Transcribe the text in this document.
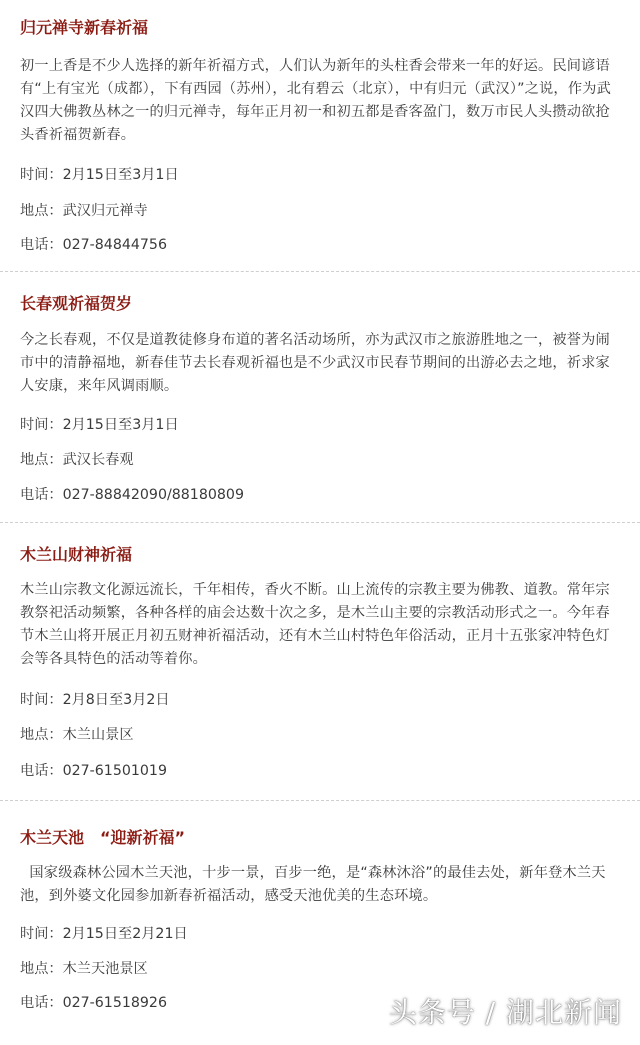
归元禅寺新春祈福
初一上香是不少人选择的新年祈福方式，人们认为新年的头柱香会带来一年的好运。民间谚语有“上有宝光（成都），下有西园（苏州），北有碧云（北京），中有归元（武汉）”之说，作为武汉四大佛教丛林之一的归元禅寺，每年正月初一和初五都是香客盈门，数万市民人头攒动欲抢头香祈福贺新春。
时间：2月15日至3月1日
地点：武汉归元禅寺
电话：027-84844756
长春观祈福贺岁
今之长春观，不仅是道教徒修身布道的著名活动场所，亦为武汉市之旅游胜地之一，被誉为闹市中的清静福地，新春佳节去长春观祈福也是不少武汉市民春节期间的出游必去之地，祈求家人安康，来年风调雨顺。
时间：2月15日至3月1日
地点：武汉长春观
电话：027-88842090/88180809
木兰山财神祈福
木兰山宗教文化源远流长，千年相传，香火不断。山上流传的宗教主要为佛教、道教。常年宗教祭祀活动频繁，各种各样的庙会达数十次之多，是木兰山主要的宗教活动形式之一。今年春节木兰山将开展正月初五财神祈福活动，还有木兰山村特色年俗活动，正月十五张家冲特色灯会等各具特色的活动等着你。
时间：2月8日至3月2日
地点：木兰山景区
电话：027-61501019
木兰天池　“迎新祈福”
国家级森林公园木兰天池，十步一景，百步一绝，是“森林沐浴”的最佳去处，新年登木兰天池，到外婆文化园参加新春祈福活动，感受天池优美的生态环境。
时间：2月15日至2月21日
地点：木兰天池景区
电话：027-61518926	头条号 / 湖北新闻
